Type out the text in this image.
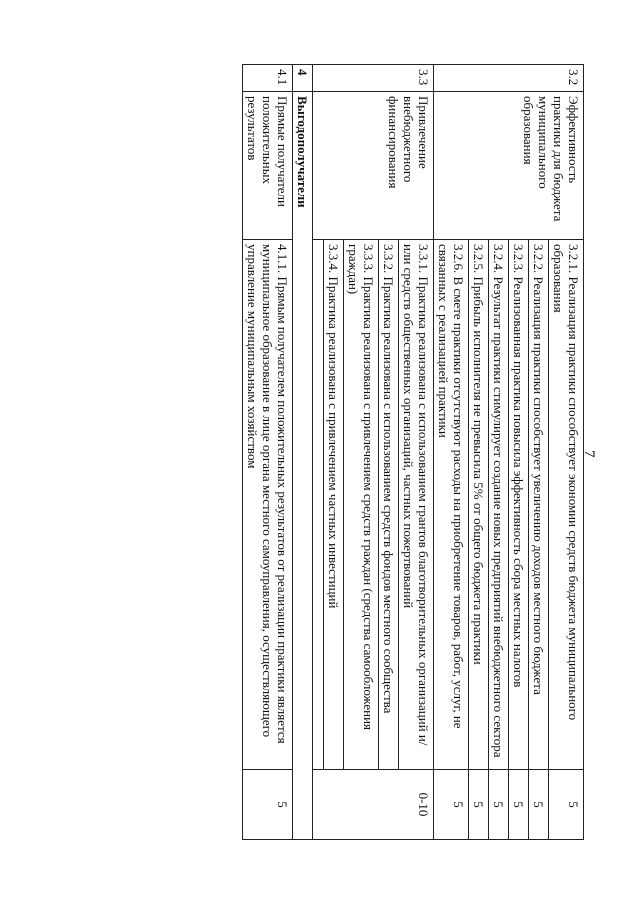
7
3.2	Эффективность практики для бюджета муниципального образования	3.2.1. Реализация практики способствует экономии средств бюджета муниципального образования	5
		3.2.2. Реализация практики способствует увеличению доходов местного бюджета	5
		3.2.3. Реализованная практика повысила эффективность сбора местных налогов	5
		3.2.4. Результат практики стимулирует создание новых предприятий внебюджетного сектора	5
		3.2.5. Прибыль исполнителя не превысила 5% от общего бюджета практики	5
		3.2.6. В смете практики отсутствуют расходы на приобретение товаров, работ, услуг, не связанных с реализацией практики	5
3.3	Привлечение внебюджетного финансирования	3.3.1. Практика реализована с использованием грантов благотворительных организаций и/или средств общественных организаций, частных пожертвований	0-10
		3.3.2. Практика реализована с использованием средств фондов местного сообщества	
		3.3.3. Практика реализована с привлечением средств граждан (средства самообложения граждан)	
		3.3.4. Практика реализована с привлечением частных инвестиций	

4	Выгодополучатели		
4.1	Прямые получатели положительных результатов	4.1.1. Прямым получателем положительных результатов от реализации практики является муниципальное образование в лице органа местного самоуправления, осуществляющего управление муниципальным хозяйством	5
